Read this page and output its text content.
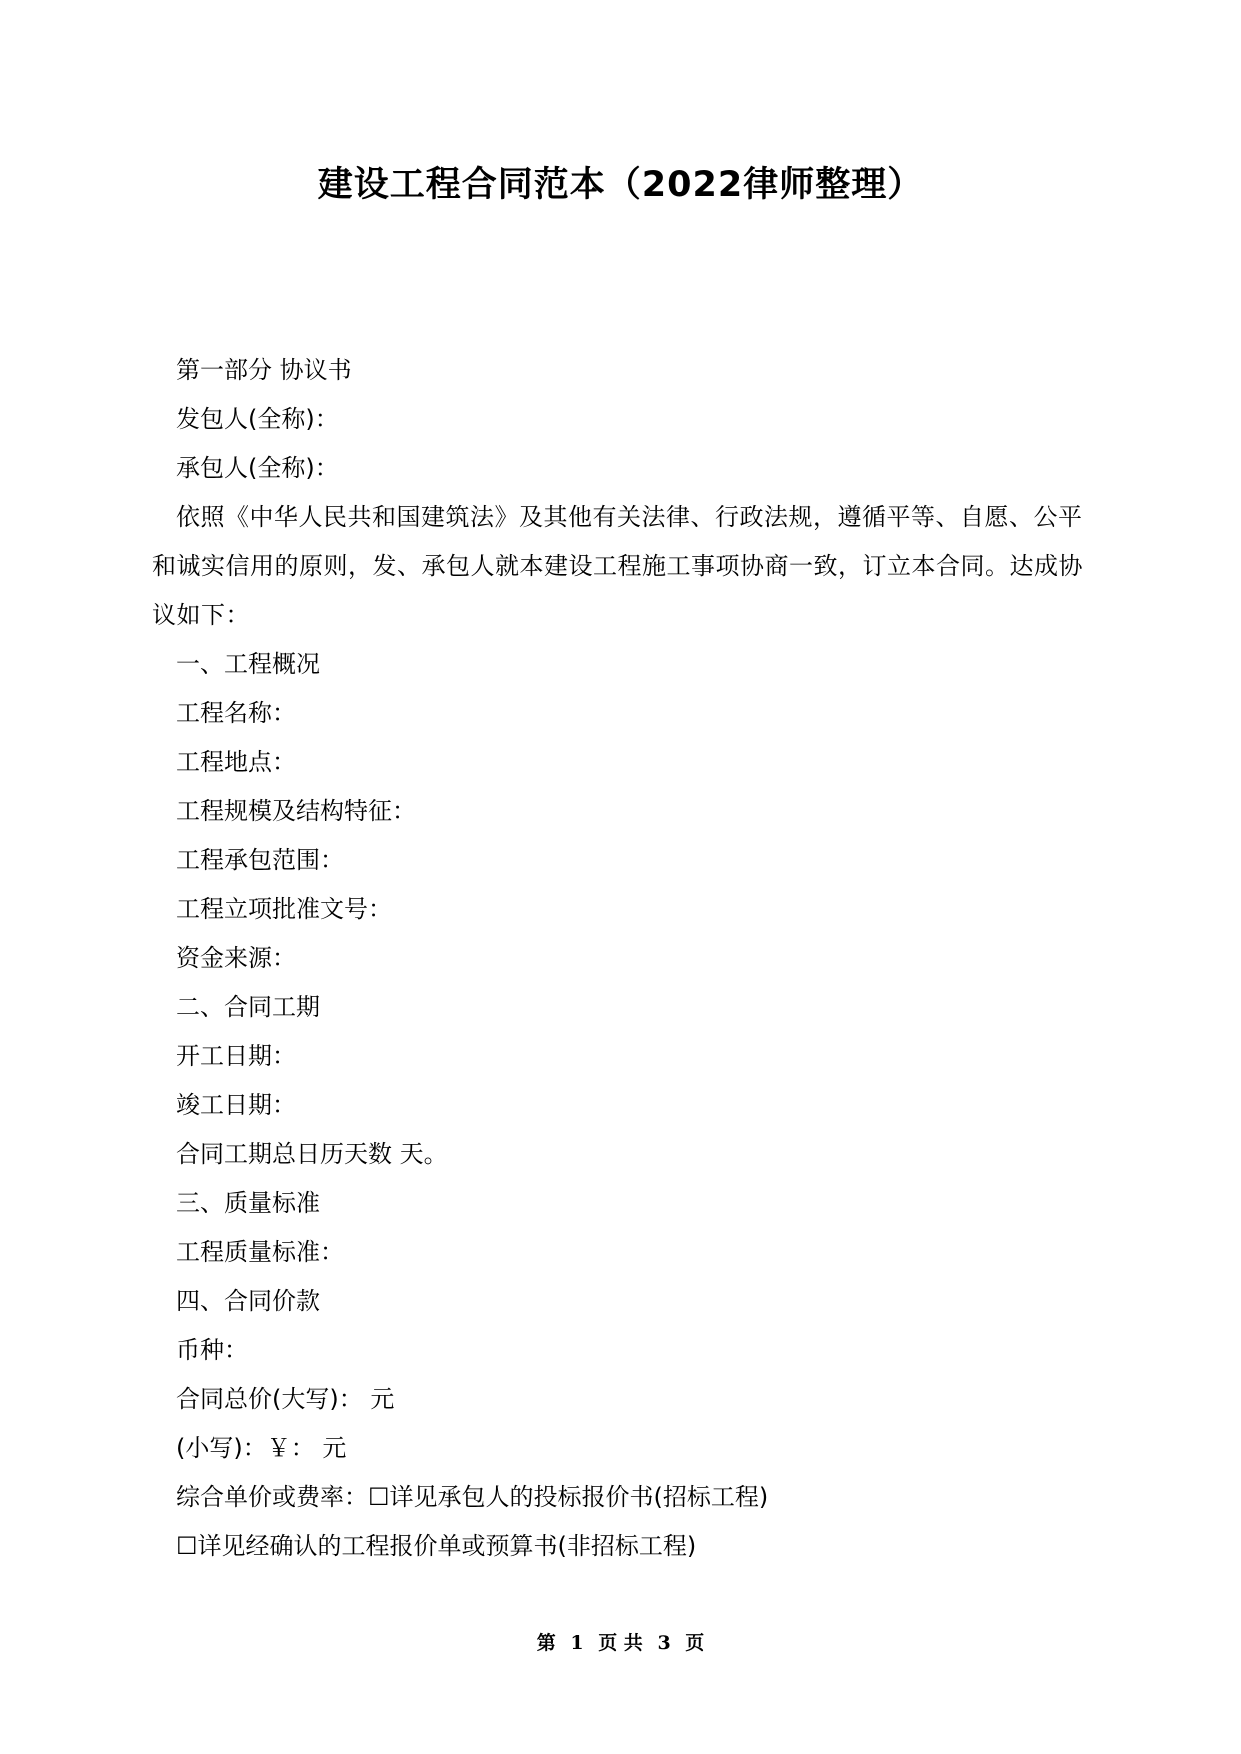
建设工程合同范本（2022律师整理）

第一部分 协议书

发包人(全称)：

承包人(全称)：

依照《中华人民共和国建筑法》及其他有关法律、行政法规，遵循平等、自愿、公平和诚实信用的原则，发、承包人就本建设工程施工事项协商一致，订立本合同。达成协议如下：

一、工程概况

工程名称：

工程地点：

工程规模及结构特征：

工程承包范围：

工程立项批准文号：

资金来源：

二、合同工期

开工日期：

竣工日期：

合同工期总日历天数 天。

三、质量标准

工程质量标准：

四、合同价款

币种：

合同总价(大写)： 元

(小写)：￥： 元

综合单价或费率：☐详见承包人的投标报价书(招标工程)

☐详见经确认的工程报价单或预算书(非招标工程)

第 1 页 共 3 页
